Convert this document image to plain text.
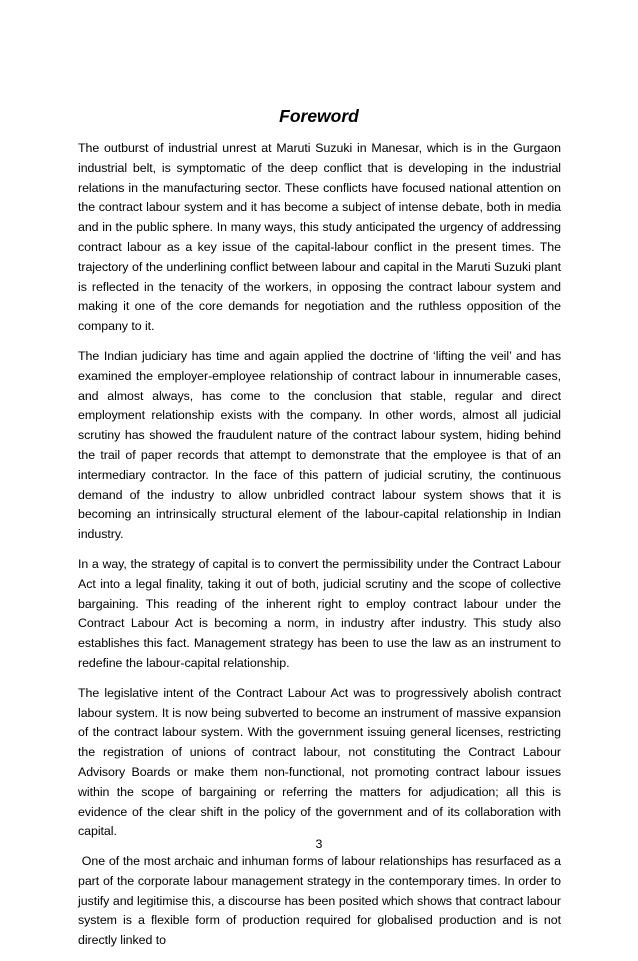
Foreword

The outburst of industrial unrest at Maruti Suzuki in Manesar, which is in the Gurgaon industrial belt, is symptomatic of the deep conflict that is developing in the industrial relations in the manufacturing sector. These conflicts have focused national attention on the contract labour system and it has become a subject of intense debate, both in media and in the public sphere. In many ways, this study anticipated the urgency of addressing contract labour as a key issue of the capital-labour conflict in the present times. The trajectory of the underlining conflict between labour and capital in the Maruti Suzuki plant is reflected in the tenacity of the workers, in opposing the contract labour system and making it one of the core demands for negotiation and the ruthless opposition of the company to it.

The Indian judiciary has time and again applied the doctrine of ‘lifting the veil’ and has examined the employer-employee relationship of contract labour in innumerable cases, and almost always, has come to the conclusion that stable, regular and direct employment relationship exists with the company. In other words, almost all judicial scrutiny has showed the fraudulent nature of the contract labour system, hiding behind the trail of paper records that attempt to demonstrate that the employee is that of an intermediary contractor. In the face of this pattern of judicial scrutiny, the continuous demand of the industry to allow unbridled contract labour system shows that it is becoming an intrinsically structural element of the labour-capital relationship in Indian industry.

In a way, the strategy of capital is to convert the permissibility under the Contract Labour Act into a legal finality, taking it out of both, judicial scrutiny and the scope of collective bargaining. This reading of the inherent right to employ contract labour under the Contract Labour Act is becoming a norm, in industry after industry. This study also establishes this fact. Management strategy has been to use the law as an instrument to redefine the labour-capital relationship.

The legislative intent of the Contract Labour Act was to progressively abolish contract labour system. It is now being subverted to become an instrument of massive expansion of the contract labour system. With the government issuing general licenses, restricting the registration of unions of contract labour, not constituting the Contract Labour Advisory Boards or make them non-functional, not promoting contract labour issues within the scope of bargaining or referring the matters for adjudication; all this is evidence of the clear shift in the policy of the government and of its collaboration with capital.

One of the most archaic and inhuman forms of labour relationships has resurfaced as a part of the corporate labour management strategy in the contemporary times. In order to justify and legitimise this, a discourse has been posited which shows that contract labour system is a flexible form of production required for globalised production and is not directly linked to

3
